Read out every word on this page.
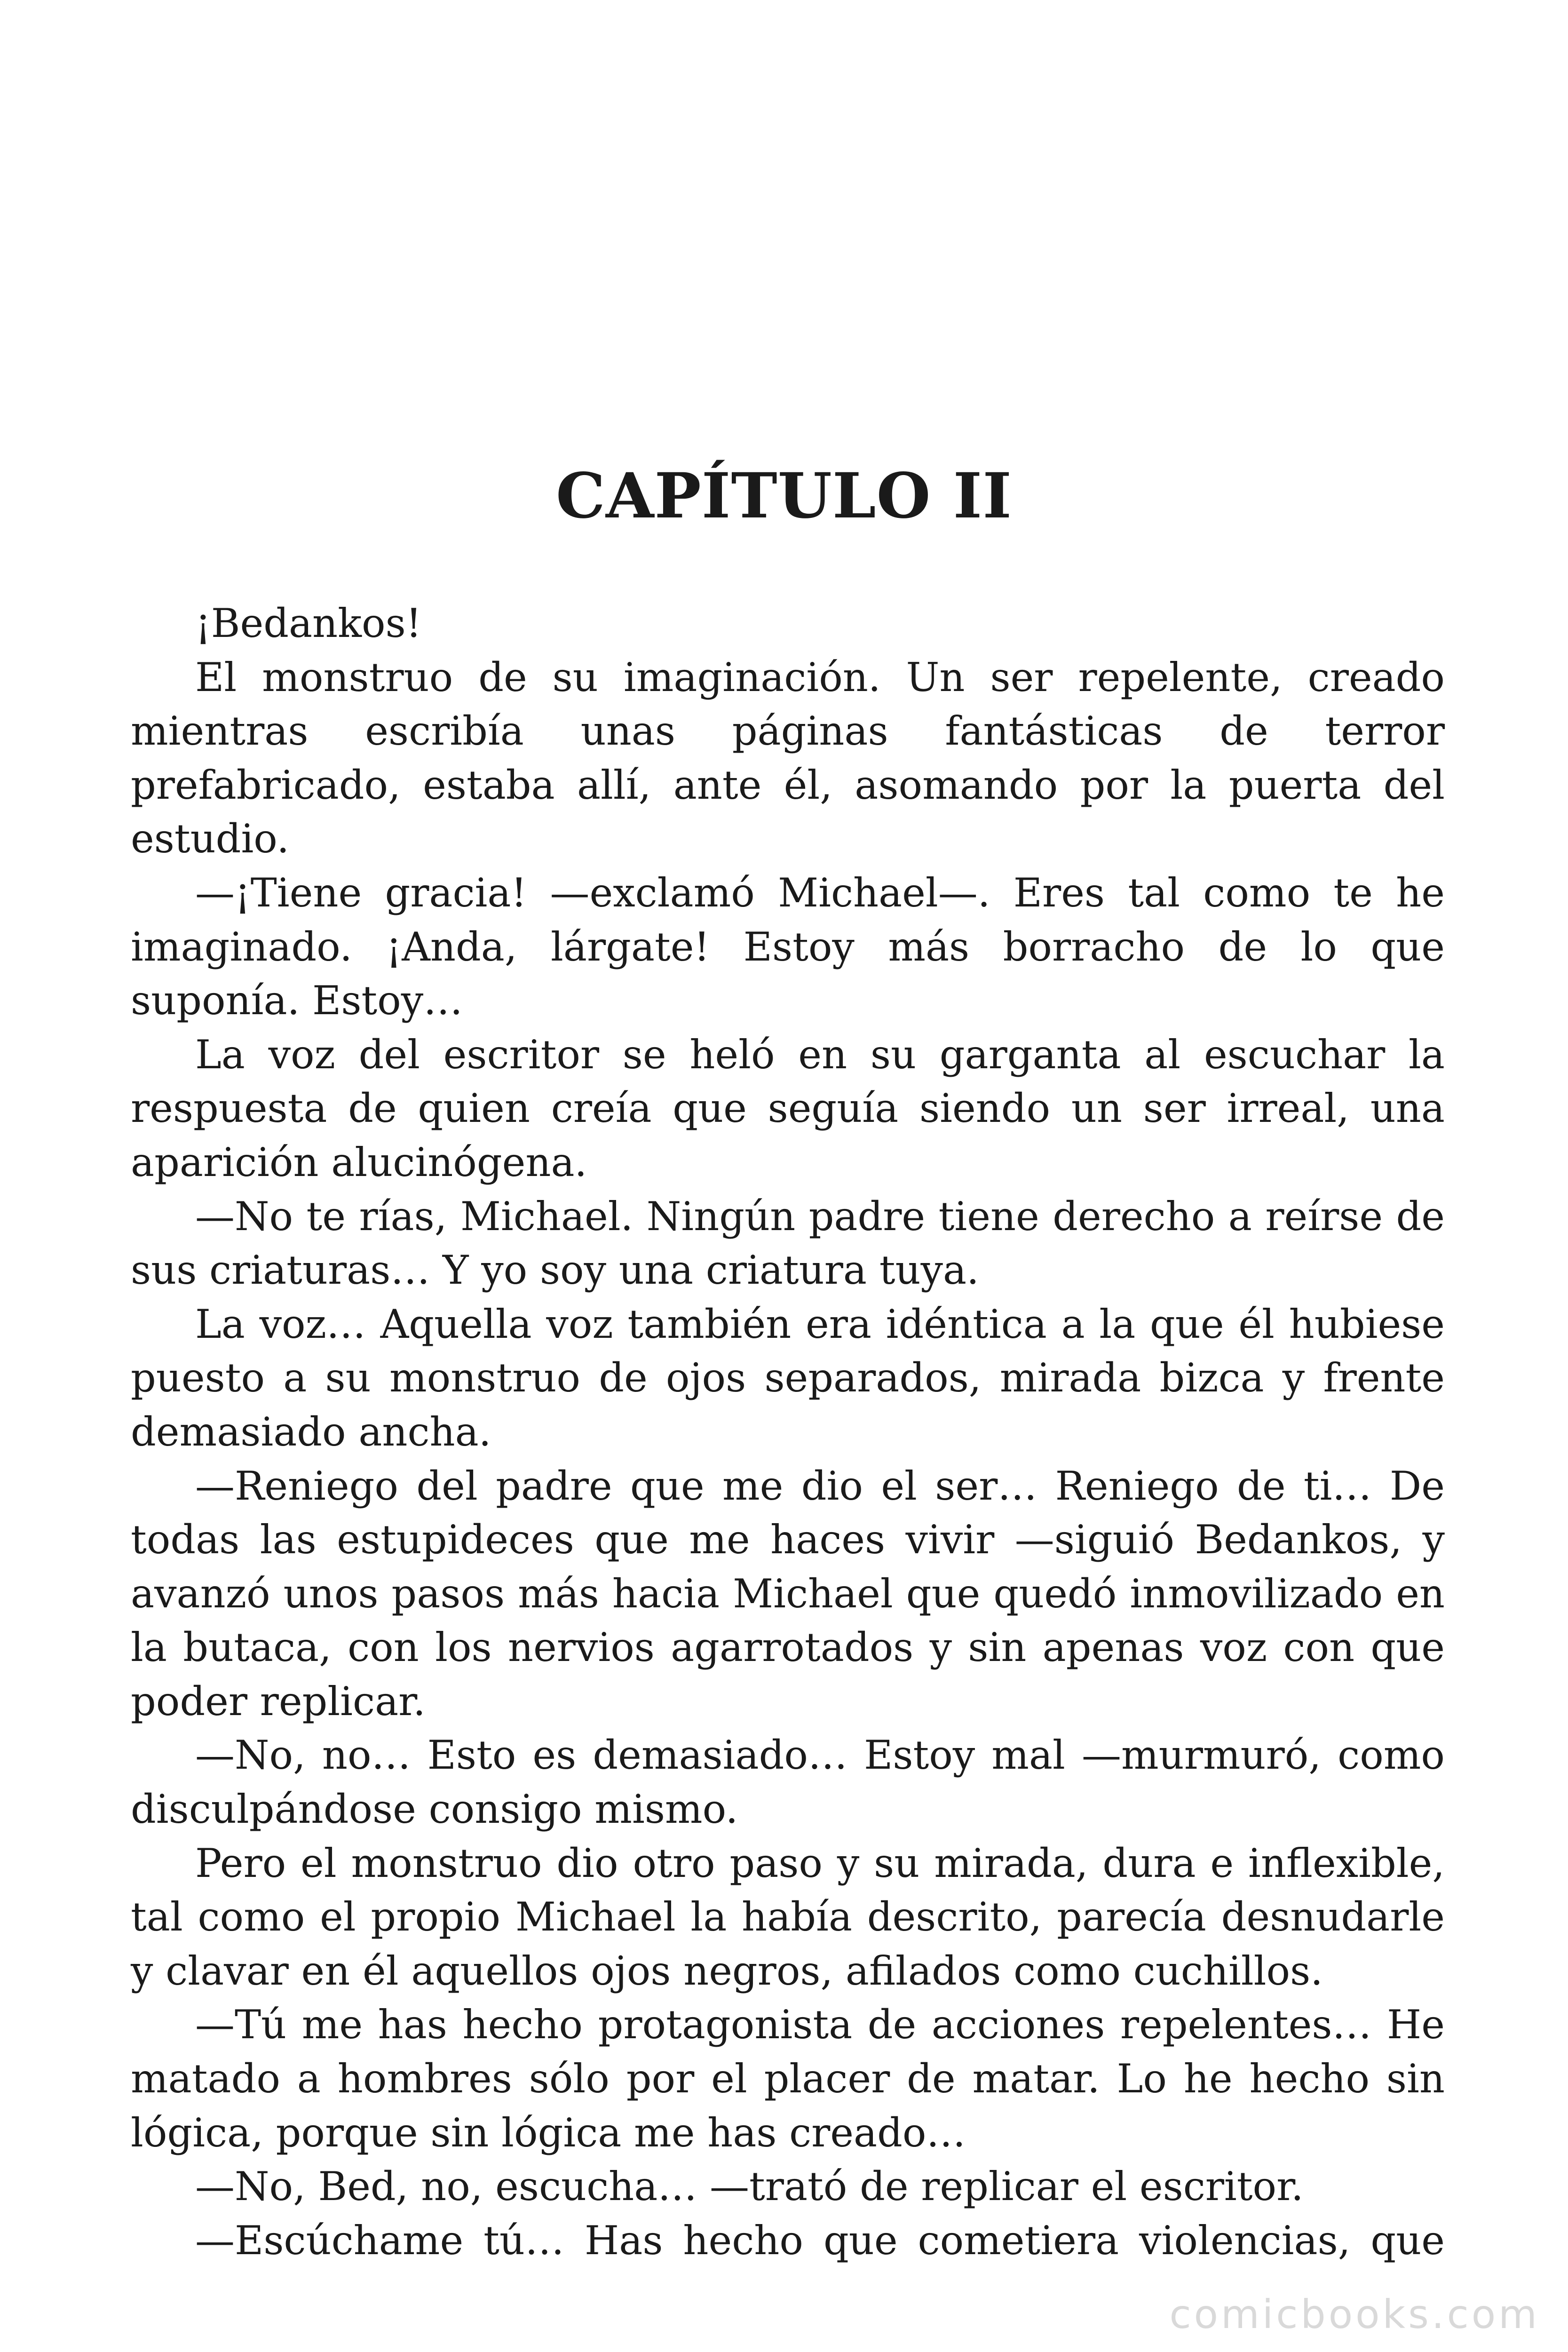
CAPÍTULO II

¡Bedankos!

El monstruo de su imaginación. Un ser repelente, creado mientras escribía unas páginas fantásticas de terror prefabricado, estaba allí, ante él, asomando por la puerta del estudio.

—¡Tiene gracia! —exclamó Michael—. Eres tal como te he imaginado. ¡Anda, lárgate! Estoy más borracho de lo que suponía. Estoy…

La voz del escritor se heló en su garganta al escuchar la respuesta de quien creía que seguía siendo un ser irreal, una aparición alucinógena.

—No te rías, Michael. Ningún padre tiene derecho a reírse de sus criaturas… Y yo soy una criatura tuya.

La voz… Aquella voz también era idéntica a la que él hubiese puesto a su monstruo de ojos separados, mirada bizca y frente demasiado ancha.

—Reniego del padre que me dio el ser… Reniego de ti… De todas las estupideces que me haces vivir —siguió Bedankos, y avanzó unos pasos más hacia Michael que quedó inmovilizado en la butaca, con los nervios agarrotados y sin apenas voz con que poder replicar.

—No, no… Esto es demasiado… Estoy mal —murmuró, como disculpándose consigo mismo.

Pero el monstruo dio otro paso y su mirada, dura e inflexible, tal como el propio Michael la había descrito, parecía desnudarle y clavar en él aquellos ojos negros, afilados como cuchillos.

—Tú me has hecho protagonista de acciones repelentes… He matado a hombres sólo por el placer de matar. Lo he hecho sin lógica, porque sin lógica me has creado…

—No, Bed, no, escucha… —trató de replicar el escritor.

—Escúchame tú… Has hecho que cometiera violencias, que

comicbooks.com
